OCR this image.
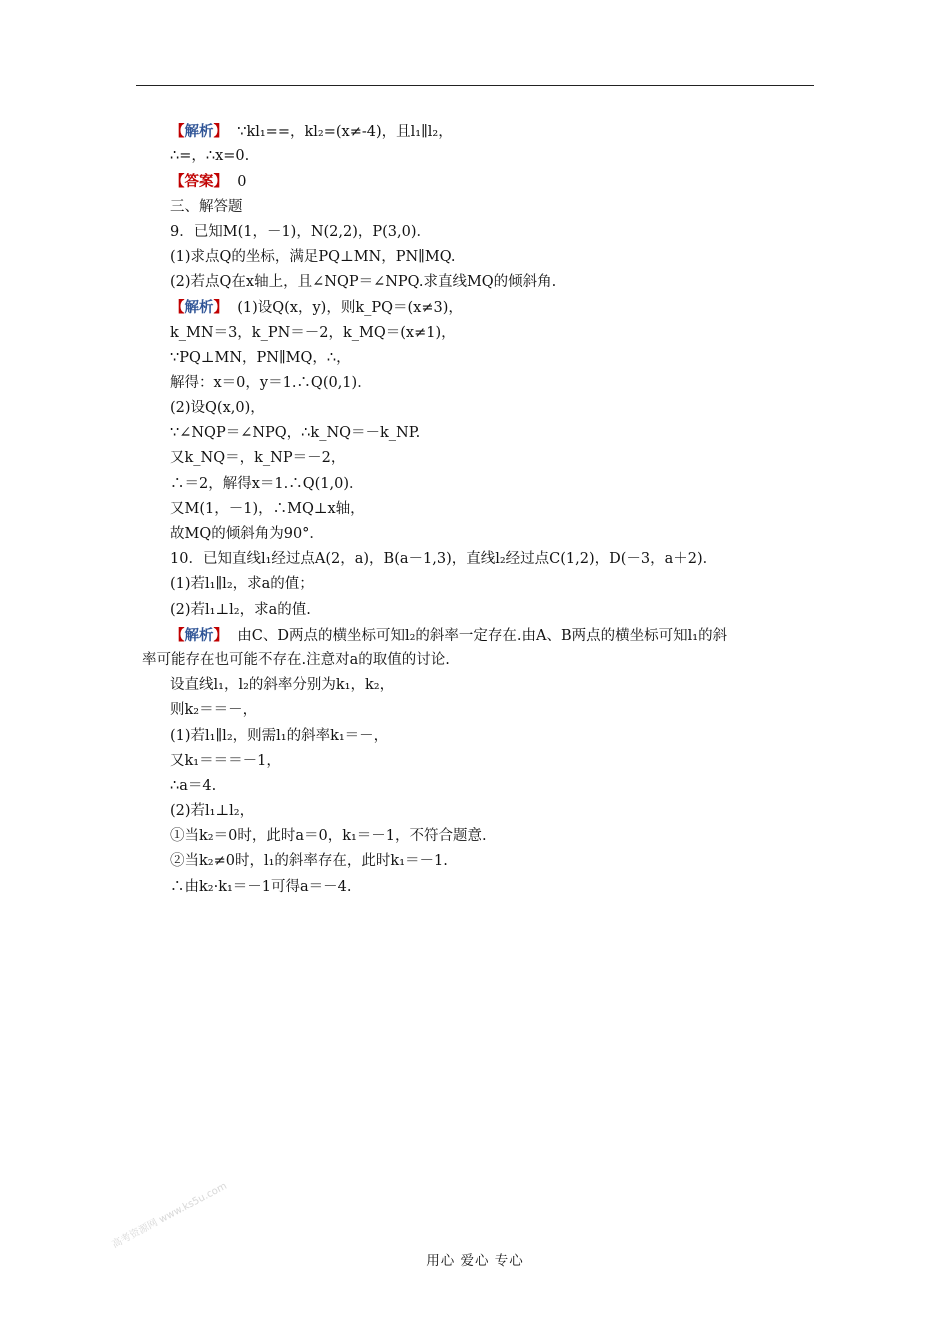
【解析】 ∵kl₁==，kl₂=(x≠-4)，且l₁∥l₂，
∴=，∴x=0.
【答案】 0
三、解答题
9．已知M(1，－1)，N(2,2)，P(3,0)．
(1)求点Q的坐标，满足PQ⊥MN，PN∥MQ.
(2)若点Q在x轴上，且∠NQP＝∠NPQ.求直线MQ的倾斜角.
【解析】 (1)设Q(x，y)，则k_PQ＝(x≠3)，
k_MN＝3，k_PN＝－2，k_MQ＝(x≠1)，
∵PQ⊥MN，PN∥MQ，∴，
解得：x＝0，y＝1.∴Q(0,1)．
(2)设Q(x,0)，
∵∠NQP＝∠NPQ，∴k_NQ＝－k_NP.
又k_NQ＝，k_NP＝－2，
∴＝2，解得x＝1.∴Q(1,0)．
又M(1，－1)，∴MQ⊥x轴，
故MQ的倾斜角为90°．
10．已知直线l₁经过点A(2，a)，B(a－1,3)，直线l₂经过点C(1,2)，D(－3，a＋2)．
(1)若l₁∥l₂，求a的值；
(2)若l₁⊥l₂，求a的值.
【解析】 由C、D两点的横坐标可知l₂的斜率一定存在.由A、B两点的横坐标可知l₁的斜
率可能存在也可能不存在.注意对a的取值的讨论.
设直线l₁，l₂的斜率分别为k₁，k₂，
则k₂＝＝－，
(1)若l₁∥l₂，则需l₁的斜率k₁＝－，
又k₁＝＝＝－1，
∴a＝4.
(2)若l₁⊥l₂，
①当k₂＝0时，此时a＝0，k₁＝－1，不符合题意.
②当k₂≠0时，l₁的斜率存在，此时k₁＝－1.
∴由k₂·k₁＝－1可得a＝－4.
高考资源网 www.ks5u.com
用心 爱心 专心
